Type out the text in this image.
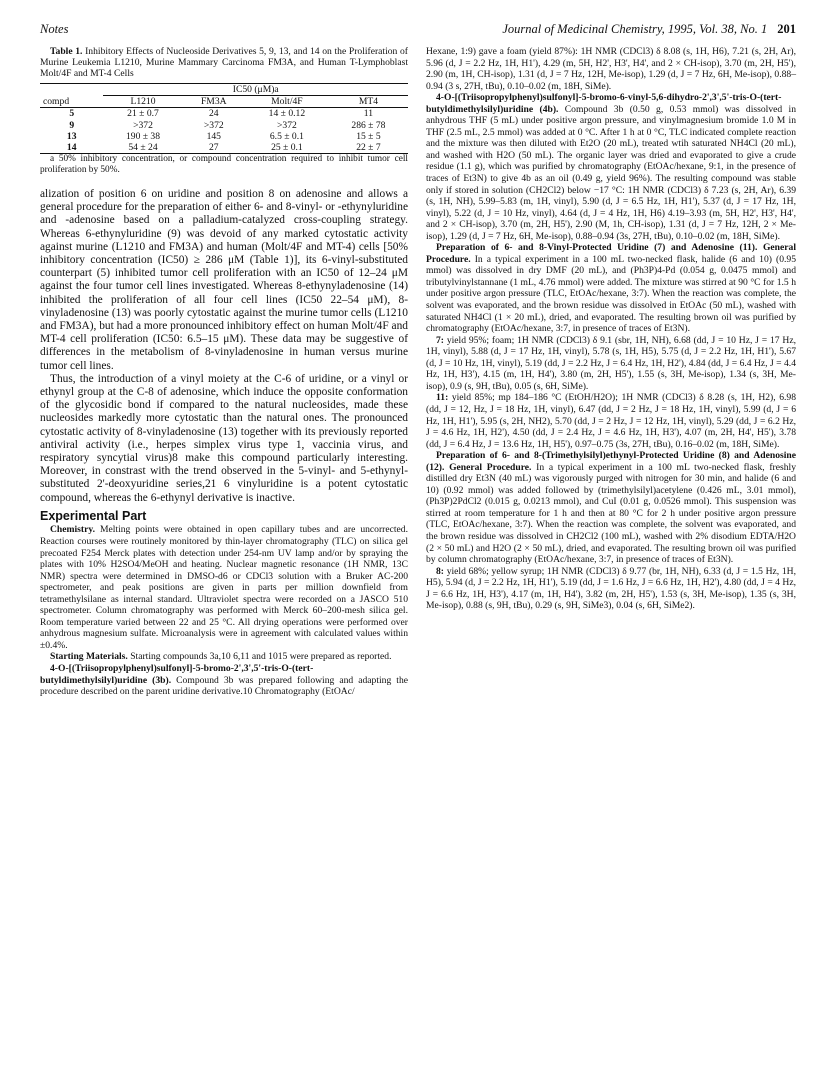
Notes	Journal of Medicinal Chemistry, 1995, Vol. 38, No. 1 201

Table 1. Inhibitory Effects of Nucleoside Derivatives 5, 9, 13, and 14 on the Proliferation of Murine Leukemia L1210, Murine Mammary Carcinoma FM3A, and Human T-Lymphoblast Molt/4F and MT-4 Cells

	IC50 (μM)a			
compd	L1210	FM3A	Molt/4F	MT4
5	21 ± 0.7	24	14 ± 0.12	11
9	>372	>372	>372	286 ± 78
13	190 ± 38	145	6.5 ± 0.1	15 ± 5
14	54 ± 24	27	25 ± 0.1	22 ± 7

a 50% inhibitory concentration, or compound concentration required to inhibit tumor cell proliferation by 50%.

alization of position 6 on uridine and position 8 on adenosine and allows a general procedure for the preparation of either 6- and 8-vinyl- or -ethynyluridine and -adenosine based on a palladium-catalyzed cross-coupling strategy. Whereas 6-ethynyluridine (9) was devoid of any marked cytostatic activity against murine (L1210 and FM3A) and human (Molt/4F and MT-4) cells [50% inhibitory concentration (IC50) ≥ 286 μM (Table 1)], its 6-vinyl-substituted counterpart (5) inhibited tumor cell proliferation with an IC50 of 12–24 μM against the four tumor cell lines investigated. Whereas 8-ethynyladenosine (14) inhibited the proliferation of all four cell lines (IC50 22–54 μM), 8-vinyladenosine (13) was poorly cytostatic against the murine tumor cells (L1210 and FM3A), but had a more pronounced inhibitory effect on human Molt/4F and MT-4 cell proliferation (IC50: 6.5–15 μM). These data may be suggestive of differences in the metabolism of 8-vinyladenosine in human versus murine tumor cell lines.

Thus, the introduction of a vinyl moiety at the C-6 of uridine, or a vinyl or ethynyl group at the C-8 of adenosine, which induce the opposite conformation of the glycosidic bond if compared to the natural nucleosides, made these nucleosides markedly more cytostatic than the natural ones. The pronounced cytostatic activity of 8-vinyladenosine (13) together with its previously reported antiviral activity (i.e., herpes simplex virus type 1, vaccinia virus, and respiratory syncytial virus)8 make this compound particularly interesting. Moreover, in constrast with the trend observed in the 5-vinyl- and 5-ethynyl-substituted 2'-deoxyuridine series,21 6 vinyluridine is a potent cytostatic compound, whereas the 6-ethynyl derivative is inactive.

Experimental Part

Chemistry. Melting points were obtained in open capillary tubes and are uncorrected. Reaction courses were routinely monitored by thin-layer chromatography (TLC) on silica gel precoated F254 Merck plates with detection under 254-nm UV lamp and/or by spraying the plates with 10% H2SO4/MeOH and heating. Nuclear magnetic resonance (1H NMR, 13C NMR) spectra were determined in DMSO-d6 or CDCl3 solution with a Bruker AC-200 spectrometer, and peak positions are given in parts per million downfield from tetramethylsilane as internal standard. Ultraviolet spectra were recorded on a JASCO 510 spectrometer. Column chromatography was performed with Merck 60–200-mesh silica gel. Room temperature varied between 22 and 25 °C. All drying operations were performed over anhydrous magnesium sulfate. Microanalysis were in agreement with calculated values within ±0.4%.

Starting Materials. Starting compounds 3a,10 6,11 and 1015 were prepared as reported.

4-O-[(Triisopropylphenyl)sulfonyl]-5-bromo-2',3',5'-tris-O-(tert-butyldimethylsilyl)uridine (3b). Compound 3b was prepared following and adapting the procedure described on the parent uridine derivative.10 Chromatography (EtOAc/

Hexane, 1:9) gave a foam (yield 87%): 1H NMR (CDCl3) δ 8.08 (s, 1H, H6), 7.21 (s, 2H, Ar), 5.96 (d, J = 2.2 Hz, 1H, H1'), 4.29 (m, 5H, H2', H3', H4', and 2 × CH-isop), 3.70 (m, 2H, H5'), 2.90 (m, 1H, CH-isop), 1.31 (d, J = 7 Hz, 12H, Me-isop), 1.29 (d, J = 7 Hz, 6H, Me-isop), 0.88–0.94 (3 s, 27H, tBu), 0.10–0.02 (m, 18H, SiMe).

4-O-[(Triisopropylphenyl)sulfonyl]-5-bromo-6-vinyl-5,6-dihydro-2',3',5'-tris-O-(tert-butyldimethylsilyl)uridine (4b). Compound 3b (0.50 g, 0.53 mmol) was dissolved in anhydrous THF (5 mL) under positive argon pressure, and vinylmagnesium bromide 1.0 M in THF (2.5 mL, 2.5 mmol) was added at 0 °C. After 1 h at 0 °C, TLC indicated complete reaction and the mixture was then diluted with Et2O (20 mL), treated wtih saturated NH4Cl (20 mL), and washed with H2O (50 mL). The organic layer was dried and evaporated to give a crude residue (1.1 g), which was purified by chromatography (EtOAc/hexane, 9:1, in the presence of traces of Et3N) to give 4b as an oil (0.49 g, yield 96%). The resulting compound was stable only if stored in solution (CH2Cl2) below −17 °C: 1H NMR (CDCl3) δ 7.23 (s, 2H, Ar), 6.39 (s, 1H, NH), 5.99–5.83 (m, 1H, vinyl), 5.90 (d, J = 6.5 Hz, 1H, H1'), 5.37 (d, J = 17 Hz, 1H, vinyl), 5.22 (d, J = 10 Hz, vinyl), 4.64 (d, J = 4 Hz, 1H, H6) 4.19–3.93 (m, 5H, H2', H3', H4', and 2 × CH-isop), 3.70 (m, 2H, H5'), 2.90 (M, 1h, CH-isop), 1.31 (d, J = 7 Hz, 12H, 2 × Me-isop), 1.29 (d, J = 7 Hz, 6H, Me-isop), 0.88–0.94 (3s, 27H, tBu), 0.10–0.02 (m, 18H, SiMe).

Preparation of 6- and 8-Vinyl-Protected Uridine (7) and Adenosine (11). General Procedure. In a typical experiment in a 100 mL two-necked flask, halide (6 and 10) (0.95 mmol) was dissolved in dry DMF (20 mL), and (Ph3P)4-Pd (0.054 g, 0.0475 mmol) and tributylvinylstannane (1 mL, 4.76 mmol) were added. The mixture was stirred at 90 °C for 1.5 h under positive argon pressure (TLC, EtOAc/hexane, 3:7). When the reaction was complete, the solvent was evaporated, and the brown residue was dissolved in EtOAc (50 mL), washed with saturated NH4Cl (1 × 20 mL), dried, and evaporated. The resulting brown oil was purified by chromatography (EtOAc/hexane, 3:7, in presence of traces of Et3N).

7: yield 95%; foam; 1H NMR (CDCl3) δ 9.1 (sbr, 1H, NH), 6.68 (dd, J = 10 Hz, J = 17 Hz, 1H, vinyl), 5.88 (d, J = 17 Hz, 1H, vinyl), 5.78 (s, 1H, H5), 5.75 (d, J = 2.2 Hz, 1H, H1'), 5.67 (d, J = 10 Hz, 1H, vinyl), 5.19 (dd, J = 2.2 Hz, J = 6.4 Hz, 1H, H2'), 4.84 (dd, J = 6.4 Hz, J = 4.4 Hz, 1H, H3'), 4.15 (m, 1H, H4'), 3.80 (m, 2H, H5'), 1.55 (s, 3H, Me-isop), 1.34 (s, 3H, Me-isop), 0.9 (s, 9H, tBu), 0.05 (s, 6H, SiMe).

11: yield 85%; mp 184–186 °C (EtOH/H2O); 1H NMR (CDCl3) δ 8.28 (s, 1H, H2), 6.98 (dd, J = 12, Hz, J = 18 Hz, 1H, vinyl), 6.47 (dd, J = 2 Hz, J = 18 Hz, 1H, vinyl), 5.99 (d, J = 6 Hz, 1H, H1'), 5.95 (s, 2H, NH2), 5.70 (dd, J = 2 Hz, J = 12 Hz, 1H, vinyl), 5.29 (dd, J = 6.2 Hz, J = 4.6 Hz, 1H, H2'), 4.50 (dd, J = 2.4 Hz, J = 4.6 Hz, 1H, H3'), 4.07 (m, 2H, H4', H5'), 3.78 (dd, J = 6.4 Hz, J = 13.6 Hz, 1H, H5'), 0.97–0.75 (3s, 27H, tBu), 0.16–0.02 (m, 18H, SiMe).

Preparation of 6- and 8-(Trimethylsilyl)ethynyl-Protected Uridine (8) and Adenosine (12). General Procedure. In a typical experiment in a 100 mL two-necked flask, freshly distilled dry Et3N (40 mL) was vigorously purged with nitrogen for 30 min, and halide (6 and 10) (0.92 mmol) was added followed by (trimethylsilyl)acetylene (0.426 mL, 3.01 mmol), (Ph3P)2PdCl2 (0.015 g, 0.0213 mmol), and CuI (0.01 g, 0.0526 mmol). This suspension was stirred at room temperature for 1 h and then at 80 °C for 2 h under positive argon pressure (TLC, EtOAc/hexane, 3:7). When the reaction was complete, the solvent was evaporated, and the brown residue was dissolved in CH2Cl2 (100 mL), washed with 2% disodium EDTA/H2O (2 × 50 mL) and H2O (2 × 50 mL), dried, and evaporated. The resulting brown oil was purified by column chromatography (EtOAc/hexane, 3:7, in presence of traces of Et3N).

8: yield 68%; yellow syrup; 1H NMR (CDCl3) δ 9.77 (br, 1H, NH), 6.33 (d, J = 1.5 Hz, 1H, H5), 5.94 (d, J = 2.2 Hz, 1H, H1'), 5.19 (dd, J = 1.6 Hz, J = 6.6 Hz, 1H, H2'), 4.80 (dd, J = 4 Hz, J = 6.6 Hz, 1H, H3'), 4.17 (m, 1H, H4'), 3.82 (m, 2H, H5'), 1.53 (s, 3H, Me-isop), 1.35 (s, 3H, Me-isop), 0.88 (s, 9H, tBu), 0.29 (s, 9H, SiMe3), 0.04 (s, 6H, SiMe2).
